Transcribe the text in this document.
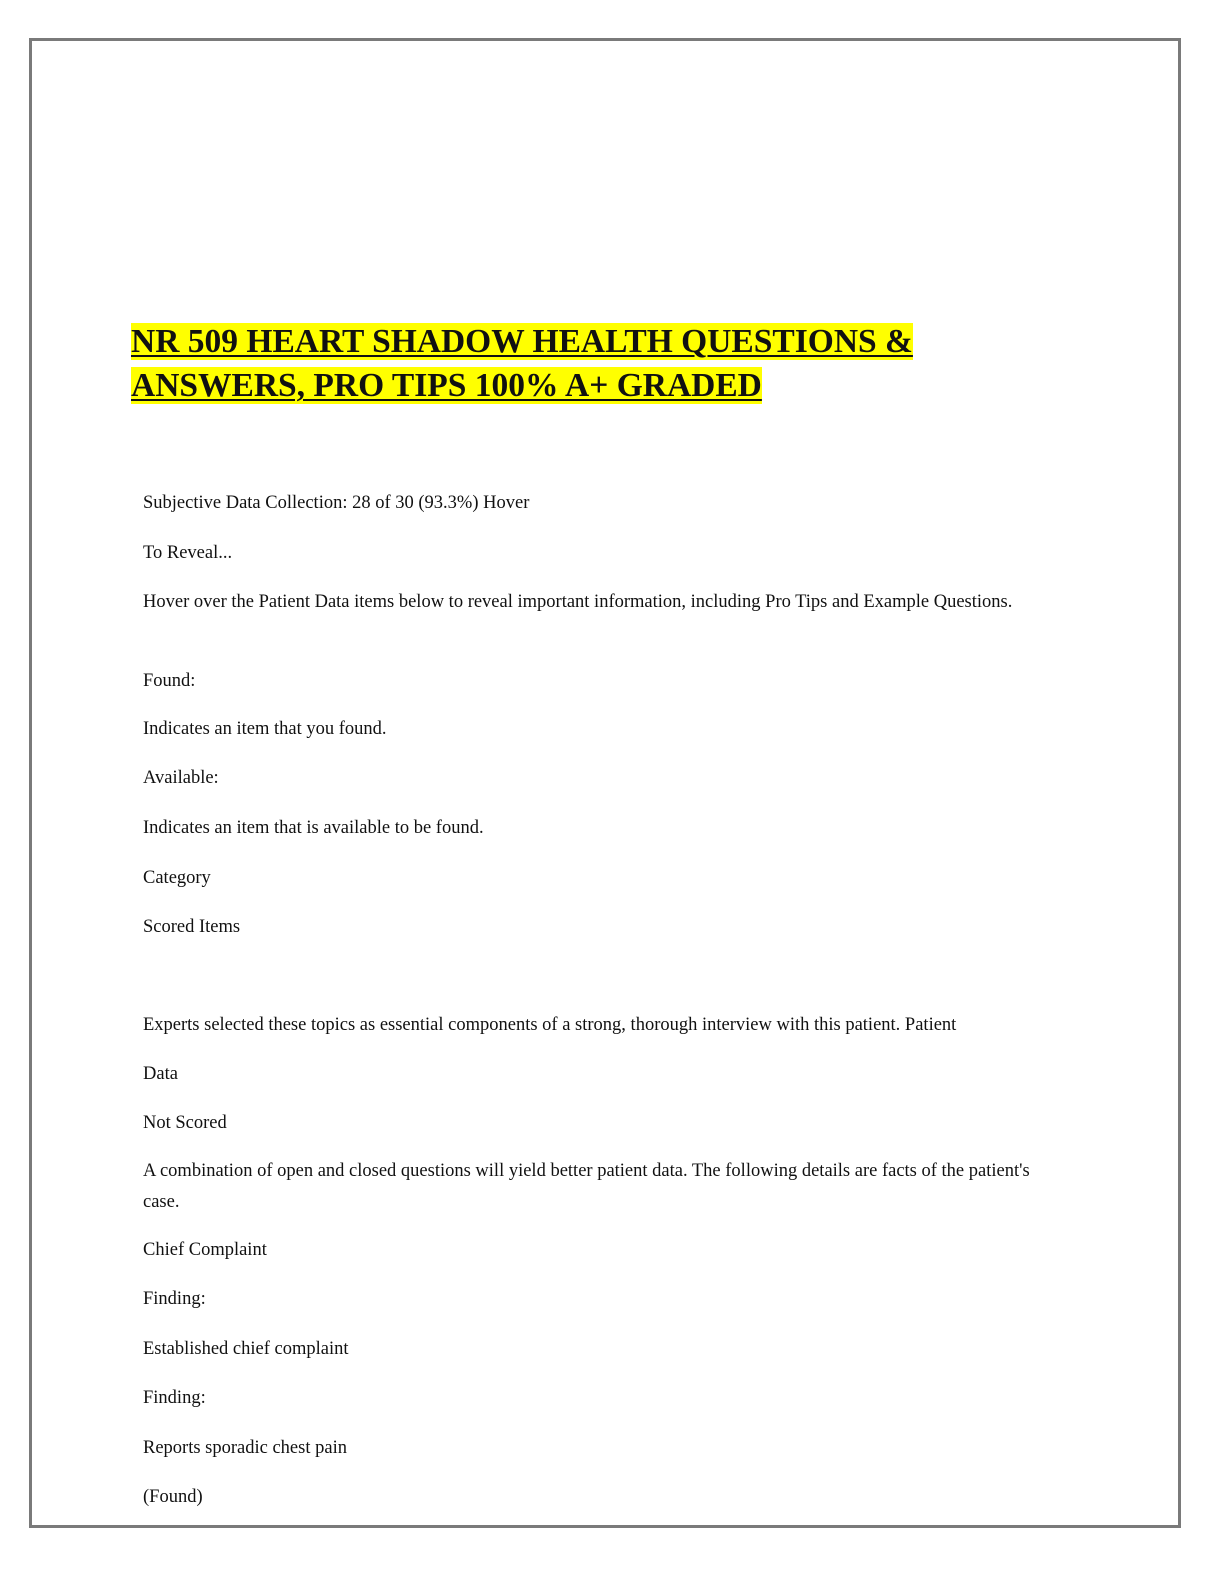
NR 509 HEART SHADOW HEALTH QUESTIONS &
ANSWERS, PRO TIPS 100% A+ GRADED

Subjective Data Collection: 28 of 30 (93.3%) Hover

To Reveal...

Hover over the Patient Data items below to reveal important information, including Pro Tips and Example Questions.

Found:

Indicates an item that you found.

Available:

Indicates an item that is available to be found.

Category

Scored Items

Experts selected these topics as essential components of a strong, thorough interview with this patient. Patient

Data

Not Scored

A combination of open and closed questions will yield better patient data. The following details are facts of the patient's case.

Chief Complaint

Finding:

Established chief complaint

Finding:

Reports sporadic chest pain

(Found)
